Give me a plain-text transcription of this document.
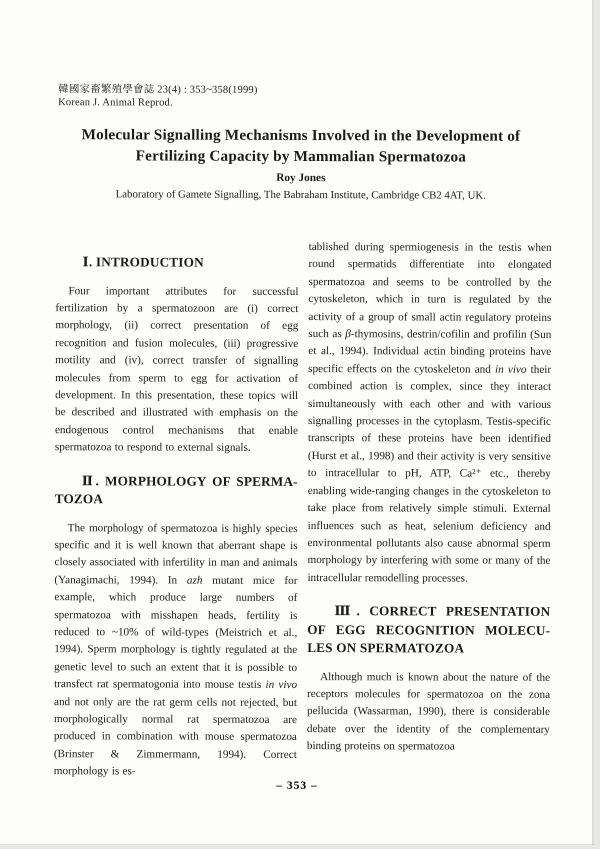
韓國家畜繁殖學會誌 23(4) : 353~358(1999)
Korean J. Animal Reprod.
Molecular Signalling Mechanisms Involved in the Development of
Fertilizing Capacity by Mammalian Spermatozoa
Roy Jones
Laboratory of Gamete Signalling, The Babraham Institute, Cambridge CB2 4AT, UK.
Ⅰ. INTRODUCTION

Four important attributes for successful fertilization by a spermatozoon are (i) correct morphology, (ii) correct presentation of egg recognition and fusion molecules, (iii) progressive motility and (iv), correct transfer of signalling molecules from sperm to egg for activation of development. In this presentation, these topics will be described and illustrated with emphasis on the endogenous control mechanisms that enable spermatozoa to respond to external signals.

Ⅱ. MORPHOLOGY OF SPERMA-
TOZOA

The morphology of spermatozoa is highly species specific and it is well known that aberrant shape is closely associated with infertility in man and animals (Yanagimachi, 1994). In azh mutant mice for example, which produce large numbers of spermatozoa with misshapen heads, fertility is reduced to ~10% of wild-types (Meistrich et al., 1994). Sperm morphology is tightly regulated at the genetic level to such an extent that it is possible to transfect rat spermatogonia into mouse testis in vivo and not only are the rat germ cells not rejected, but morphologically normal rat spermatozoa are produced in combination with mouse spermatozoa (Brinster & Zimmermann, 1994). Correct morphology is es-

tablished during spermiogenesis in the testis when round spermatids differentiate into elongated spermatozoa and seems to be controlled by the cytoskeleton, which in turn is regulated by the activity of a group of small actin regulatory proteins such as β-thymosins, destrin/cofilin and profilin (Sun et al., 1994). Individual actin binding proteins have specific effects on the cytoskeleton and in vivo their combined action is complex, since they interact simultaneously with each other and with various signalling processes in the cytoplasm. Testis-specific transcripts of these proteins have been identified (Hurst et al., 1998) and their activity is very sensitive to intracellular to pH, ATP, Ca²⁺ etc., thereby enabling wide-ranging changes in the cytoskeleton to take place from relatively simple stimuli. External influences such as heat, selenium deficiency and environmental pollutants also cause abnormal sperm morphology by interfering with some or many of the intracellular remodelling processes.

Ⅲ. CORRECT PRESENTATION
OF EGG RECOGNITION MOLECU-
LES ON SPERMATOZOA

Although much is known about the nature of the receptors molecules for spermatozoa on the zona pellucida (Wassarman, 1990), there is considerable debate over the identity of the complementary binding proteins on spermatozoa

– 353 –
